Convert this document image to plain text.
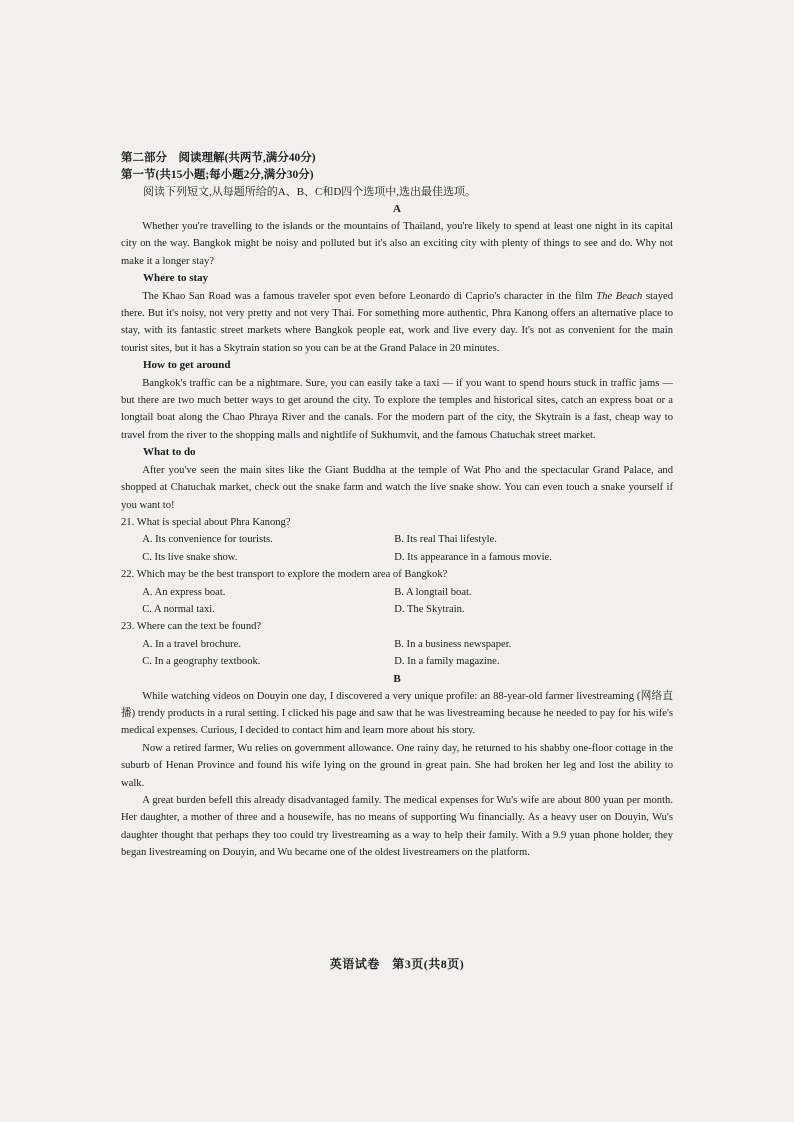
第二部分　阅读理解(共两节,满分40分)
第一节(共15小题;每小题2分,满分30分)
阅读下列短文,从每题所给的A、B、C和D四个选项中,选出最佳选项。
A

Whether you're travelling to the islands or the mountains of Thailand, you're likely to spend at least one night in its capital city on the way. Bangkok might be noisy and polluted but it's also an exciting city with plenty of things to see and do. Why not make it a longer stay?

Where to stay

The Khao San Road was a famous traveler spot even before Leonardo di Caprio's character in the film The Beach stayed there. But it's noisy, not very pretty and not very Thai. For something more authentic, Phra Kanong offers an alternative place to stay, with its fantastic street markets where Bangkok people eat, work and live every day. It's not as convenient for the main tourist sites, but it has a Skytrain station so you can be at the Grand Palace in 20 minutes.

How to get around

Bangkok's traffic can be a nightmare. Sure, you can easily take a taxi — if you want to spend hours stuck in traffic jams — but there are two much better ways to get around the city. To explore the temples and historical sites, catch an express boat or a longtail boat along the Chao Phraya River and the canals. For the modern part of the city, the Skytrain is a fast, cheap way to travel from the river to the shopping malls and nightlife of Sukhumvit, and the famous Chatuchak street market.

What to do

After you've seen the main sites like the Giant Buddha at the temple of Wat Pho and the spectacular Grand Palace, and shopped at Chatuchak market, check out the snake farm and watch the live snake show. You can even touch a snake yourself if you want to!

21. What is special about Phra Kanong?
A. Its convenience for tourists.	B. Its real Thai lifestyle.
C. Its live snake show.	D. Its appearance in a famous movie.
22. Which may be the best transport to explore the modern area of Bangkok?
A. An express boat.	B. A longtail boat.
C. A normal taxi.	D. The Skytrain.
23. Where can the text be found?
A. In a travel brochure.	B. In a business newspaper.
C. In a geography textbook.	D. In a family magazine.
B

While watching videos on Douyin one day, I discovered a very unique profile: an 88-year-old farmer livestreaming (网络直播) trendy products in a rural setting. I clicked his page and saw that he was livestreaming because he needed to pay for his wife's medical expenses. Curious, I decided to contact him and learn more about his story.

Now a retired farmer, Wu relies on government allowance. One rainy day, he returned to his shabby one-floor cottage in the suburb of Henan Province and found his wife lying on the ground in great pain. She had broken her leg and lost the ability to walk.

A great burden befell this already disadvantaged family. The medical expenses for Wu's wife are about 800 yuan per month. Her daughter, a mother of three and a housewife, has no means of supporting Wu financially. As a heavy user on Douyin, Wu's daughter thought that perhaps they too could try livestreaming as a way to help their family. With a 9.9 yuan phone holder, they began livestreaming on Douyin, and Wu became one of the oldest livestreamers on the platform.

英语试卷　第3页(共8页)
